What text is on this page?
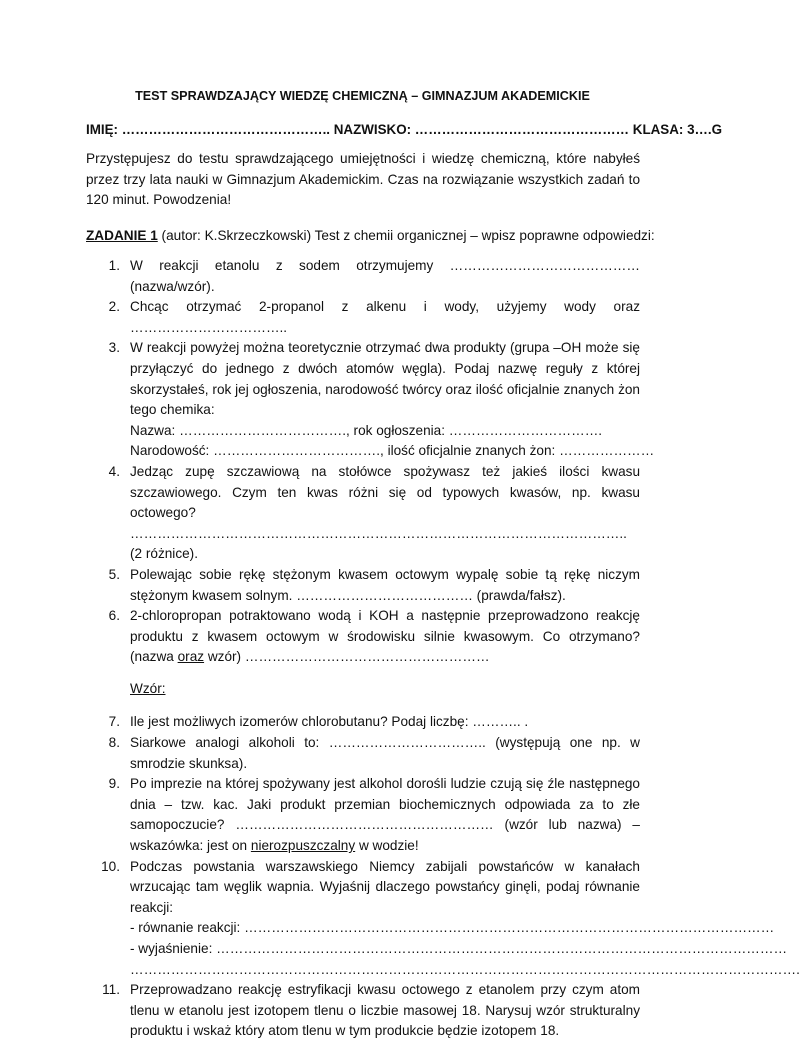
TEST SPRAWDZAJĄCY WIEDZĘ CHEMICZNĄ – GIMNAZJUM AKADEMICKIE
IMIĘ: ……………………………………….. NAZWISKO: ………………………………………… KLASA: 3….G
Przystępujesz do testu sprawdzającego umiejętności i wiedzę chemiczną, które nabyłeś przez trzy lata nauki w Gimnazjum Akademickim. Czas na rozwiązanie wszystkich zadań to 120 minut. Powodzenia!
ZADANIE 1 (autor: K.Skrzeczkowski) Test z chemii organicznej – wpisz poprawne odpowiedzi:
1. W reakcji etanolu z sodem otrzymujemy …………………………………… (nazwa/wzór).
2. Chcąc otrzymać 2-propanol z alkenu i wody, użyjemy wody oraz ……………………………..
3. W reakcji powyżej można teoretycznie otrzymać dwa produkty (grupa –OH może się przyłączyć do jednego z dwóch atomów węgla). Podaj nazwę reguły z której skorzystałeś, rok jej ogłoszenia, narodowość twórcy oraz ilość oficjalnie znanych żon tego chemika:
Nazwa: ………………………………., rok ogłoszenia: …………………………….
Narodowość: ………………………………., ilość oficjalnie znanych żon: …………………
4. Jedząc zupę szczawiową na stołówce spożywasz też jakieś ilości kwasu szczawiowego. Czym ten kwas różni się od typowych kwasów, np. kwasu octowego? ……………………………………………………………………………………………….. (2 różnice).
5. Polewając sobie rękę stężonym kwasem octowym wypalę sobie tą rękę niczym stężonym kwasem solnym. ………………………………… (prawda/fałsz).
6. 2-chloropropan potraktowano wodą i KOH a następnie przeprowadzono reakcję produktu z kwasem octowym w środowisku silnie kwasowym. Co otrzymano? (nazwa oraz wzór) ………………………………………………
Wzór:
7. Ile jest możliwych izomerów chlorobutanu? Podaj liczbę: ……….. .
8. Siarkowe analogi alkoholi to: …………………………….. (występują one np. w smrodzie skunksa).
9. Po imprezie na której spożywany jest alkohol dorośli ludzie czują się źle następnego dnia – tzw. kac. Jaki produkt przemian biochemicznych odpowiada za to złe samopoczucie? ………………………………………………… (wzór lub nazwa) – wskazówka: jest on nierozpuszczalny w wodzie!
10. Podczas powstania warszawskiego Niemcy zabijali powstańców w kanałach wrzucając tam węglik wapnia. Wyjaśnij dlaczego powstańcy ginęli, podaj równanie reakcji:
- równanie reakcji: ………………………………………………………………………………………………………
- wyjaśnienie: ………………………………………………………………………………………………………………
………………………………………………………………………………………………………………………………….
11. Przeprowadzano reakcję estryfikacji kwasu octowego z etanolem przy czym atom tlenu w etanolu jest izotopem tlenu o liczbie masowej 18. Narysuj wzór strukturalny produktu i wskaż który atom tlenu w tym produkcie będzie izotopem 18.
